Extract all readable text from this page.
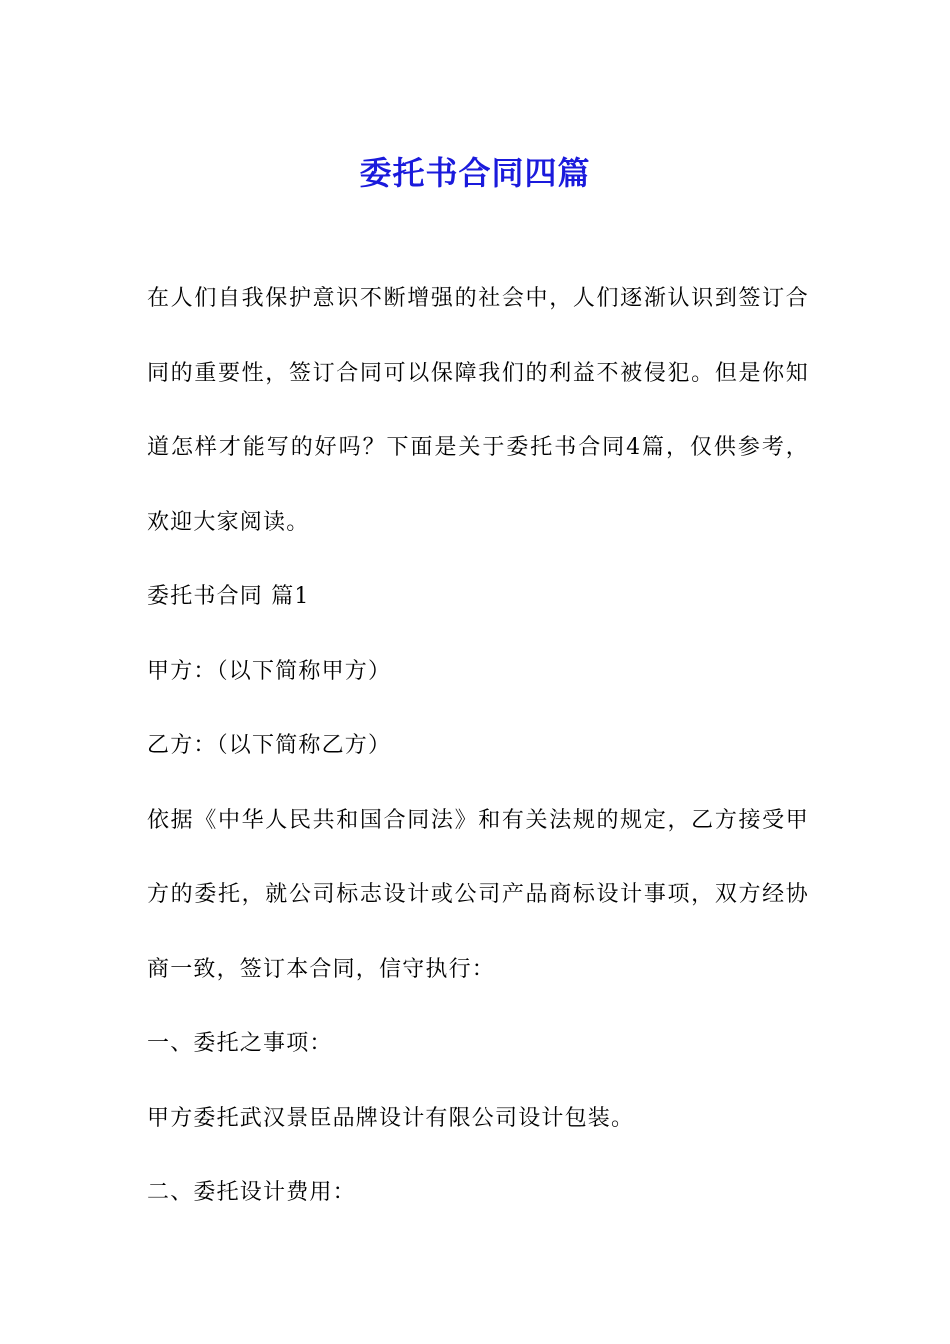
委托书合同四篇

在人们自我保护意识不断增强的社会中，人们逐渐认识到签订合同的重要性，签订合同可以保障我们的利益不被侵犯。但是你知道怎样才能写的好吗？下面是关于委托书合同4篇，仅供参考，欢迎大家阅读。

委托书合同 篇1

甲方：（以下简称甲方）

乙方：（以下简称乙方）

依据《中华人民共和国合同法》和有关法规的规定，乙方接受甲方的委托，就公司标志设计或公司产品商标设计事项，双方经协商一致，签订本合同，信守执行：

一、委托之事项：

甲方委托武汉景臣品牌设计有限公司设计包装。

二、委托设计费用：
